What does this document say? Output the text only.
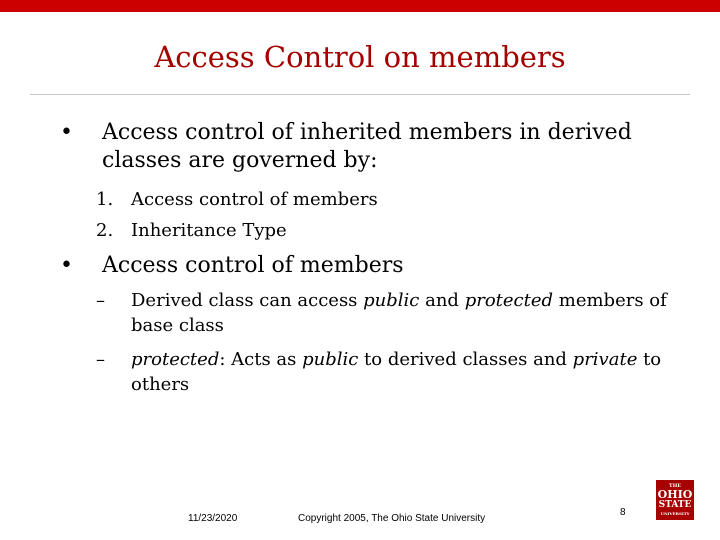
Access Control on members
• Access control of inherited members in derived classes are governed by:
1. Access control of members
2. Inheritance Type
• Access control of members
– Derived class can access public and protected members of base class
– protected: Acts as public to derived classes and private to others
11/23/2020	Copyright 2005, The Ohio State University
8
THE
OHIO
STATE
UNIVERSITY
